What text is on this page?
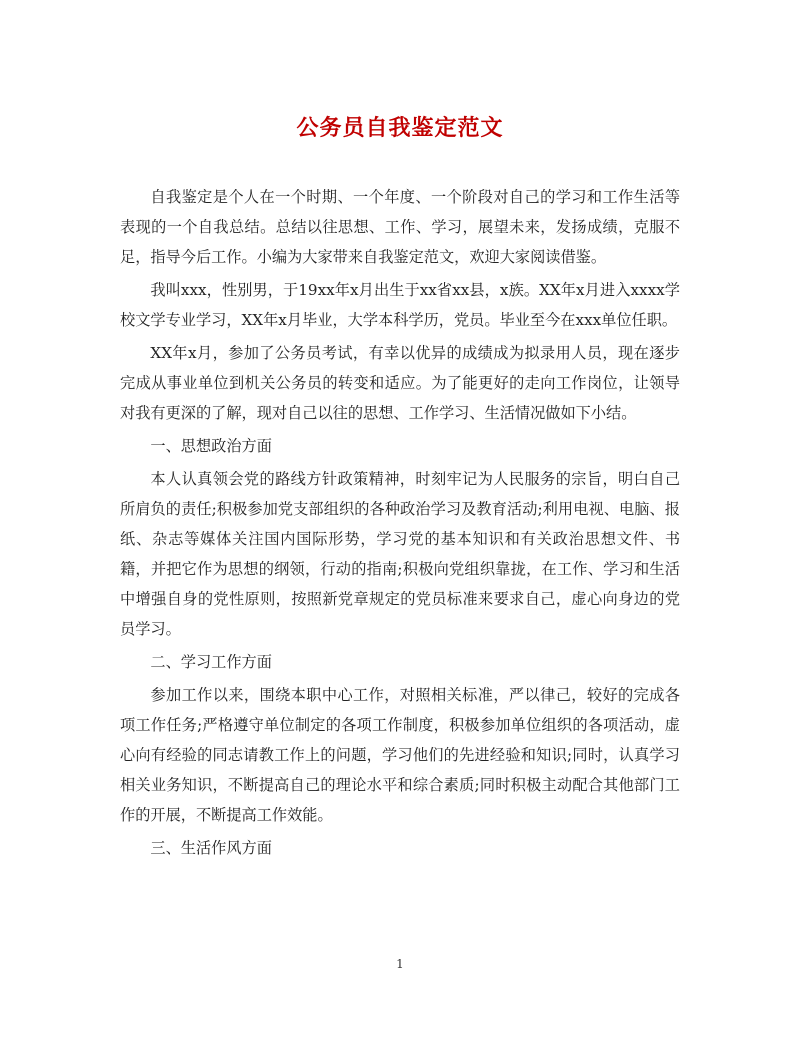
公务员自我鉴定范文

自我鉴定是个人在一个时期、一个年度、一个阶段对自己的学习和工作生活等表现的一个自我总结。总结以往思想、工作、学习，展望未来，发扬成绩，克服不足，指导今后工作。小编为大家带来自我鉴定范文，欢迎大家阅读借鉴。

我叫xxx，性别男，于19xx年x月出生于xx省xx县，x族。XX年x月进入xxxx学校文学专业学习，XX年x月毕业，大学本科学历，党员。毕业至今在xxx单位任职。

XX年x月，参加了公务员考试，有幸以优异的成绩成为拟录用人员，现在逐步完成从事业单位到机关公务员的转变和适应。为了能更好的走向工作岗位，让领导对我有更深的了解，现对自己以往的思想、工作学习、生活情况做如下小结。

一、思想政治方面

本人认真领会党的路线方针政策精神，时刻牢记为人民服务的宗旨，明白自己所肩负的责任;积极参加党支部组织的各种政治学习及教育活动;利用电视、电脑、报纸、杂志等媒体关注国内国际形势，学习党的基本知识和有关政治思想文件、书籍，并把它作为思想的纲领，行动的指南;积极向党组织靠拢，在工作、学习和生活中增强自身的党性原则，按照新党章规定的党员标准来要求自己，虚心向身边的党员学习。

二、学习工作方面

参加工作以来，围绕本职中心工作，对照相关标准，严以律己，较好的完成各项工作任务;严格遵守单位制定的各项工作制度，积极参加单位组织的各项活动，虚心向有经验的同志请教工作上的问题，学习他们的先进经验和知识;同时，认真学习相关业务知识，不断提高自己的理论水平和综合素质;同时积极主动配合其他部门工作的开展，不断提高工作效能。

三、生活作风方面

1
